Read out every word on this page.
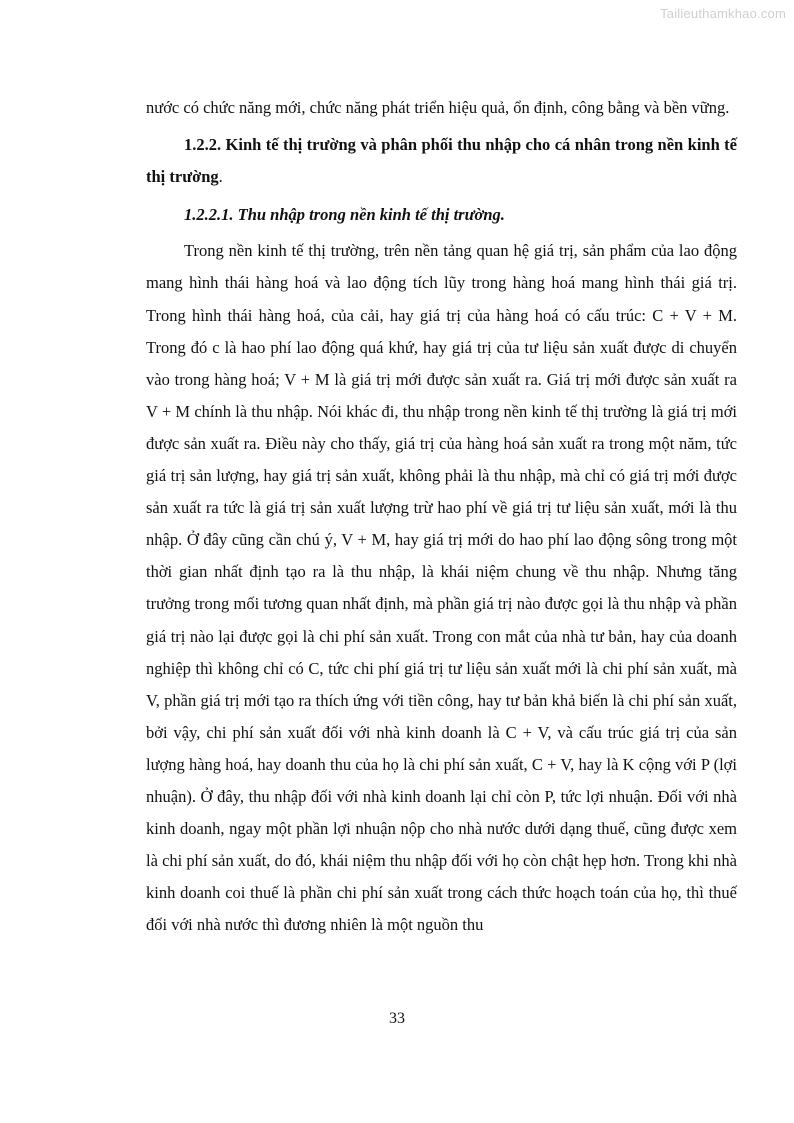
Tailieuthamkhao.com

nước có chức năng mới, chức năng phát triển hiệu quả, ổn định, công bằng và bền vững.

1.2.2. Kinh tế thị trường và phân phối thu nhập cho cá nhân trong nền kinh tế thị trường.

1.2.2.1. Thu nhập trong nền kinh tế thị trường.

Trong nền kinh tế thị trường, trên nền tảng quan hệ giá trị, sản phẩm của lao động mang hình thái hàng hoá và lao động tích lũy trong hàng hoá mang hình thái giá trị. Trong hình thái hàng hoá, của cải, hay giá trị của hàng hoá có cấu trúc: C + V + M. Trong đó c là hao phí lao động quá khứ, hay giá trị của tư liệu sản xuất được di chuyển vào trong hàng hoá; V + M là giá trị mới được sản xuất ra. Giá trị mới được sản xuất ra V + M chính là thu nhập. Nói khác đi, thu nhập trong nền kinh tế thị trường là giá trị mới được sản xuất ra. Điều này cho thấy, giá trị của hàng hoá sản xuất ra trong một năm, tức giá trị sản lượng, hay giá trị sản xuất, không phải là thu nhập, mà chỉ có giá trị mới được sản xuất ra tức là giá trị sản xuất lượng trừ hao phí về giá trị tư liệu sản xuất, mới là thu nhập. Ở đây cũng cần chú ý, V + M, hay giá trị mới do hao phí lao động sông trong một thời gian nhất định tạo ra là thu nhập, là khái niệm chung về thu nhập. Nhưng tăng trưởng trong mối tương quan nhất định, mà phần giá trị nào được gọi là thu nhập và phần giá trị nào lại được gọi là chi phí sản xuất. Trong con mắt của nhà tư bản, hay của doanh nghiệp thì không chỉ có C, tức chi phí giá trị tư liệu sản xuất mới là chi phí sản xuất, mà V, phần giá trị mới tạo ra thích ứng với tiền công, hay tư bản khả biến là chi phí sản xuất, bởi vậy, chi phí sản xuất đối với nhà kinh doanh là C + V, và cấu trúc giá trị của sản lượng hàng hoá, hay doanh thu của họ là chi phí sản xuất, C + V, hay là K cộng với P (lợi nhuận). Ở đây, thu nhập đối với nhà kinh doanh lại chỉ còn P, tức lợi nhuận. Đối với nhà kinh doanh, ngay một phần lợi nhuận nộp cho nhà nước dưới dạng thuế, cũng được xem là chi phí sản xuất, do đó, khái niệm thu nhập đối với họ còn chật hẹp hơn. Trong khi nhà kinh doanh coi thuế là phần chi phí sản xuất trong cách thức hoạch toán của họ, thì thuế đối với nhà nước thì đương nhiên là một nguồn thu

33
